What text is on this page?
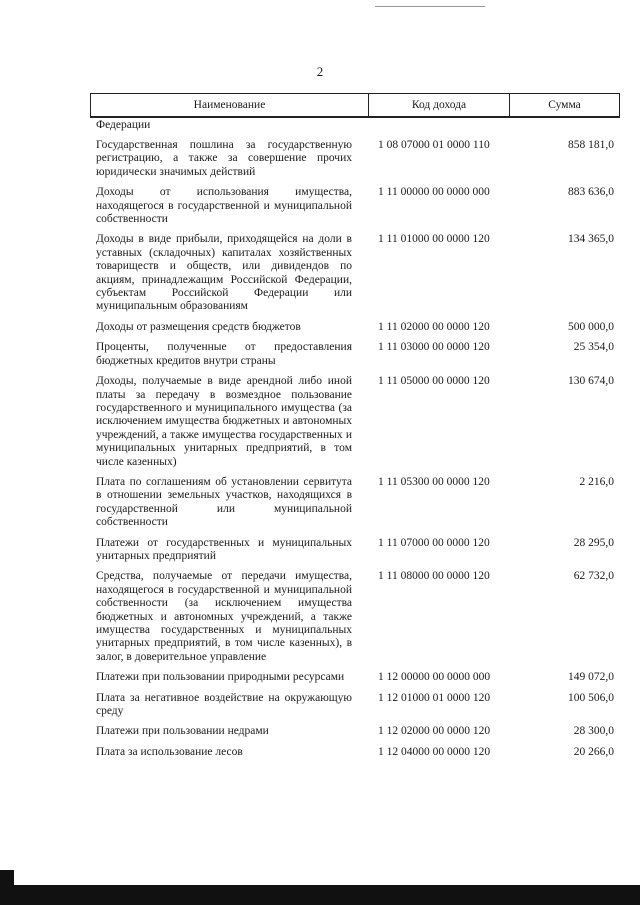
2
Наименование	Код дохода	Сумма
Федерации
Государственная пошлина за государственную регистрацию, а также за совершение прочих юридически значимых действий
1 08 07000 01 0000 110	858 181,0
Доходы от использования имущества, находящегося в государственной и муниципальной собственности
1 11 00000 00 0000 000	883 636,0
Доходы в виде прибыли, приходящейся на доли в уставных (складочных) капиталах хозяйственных товариществ и обществ, или дивидендов по акциям, принадлежащим Российской Федерации, субъектам Российской Федерации или муниципальным образованиям
1 11 01000 00 0000 120	134 365,0
Доходы от размещения средств бюджетов	1 11 02000 00 0000 120	500 000,0
Проценты, полученные от предоставления бюджетных кредитов внутри страны
1 11 03000 00 0000 120	25 354,0
Доходы, получаемые в виде арендной либо иной платы за передачу в возмездное пользование государственного и муниципального имущества (за исключением имущества бюджетных и автономных учреждений, а также имущества государственных и муниципальных унитарных предприятий, в том числе казенных)
1 11 05000 00 0000 120	130 674,0
Плата по соглашениям об установлении сервитута в отношении земельных участков, находящихся в государственной или муниципальной собственности
1 11 05300 00 0000 120	2 216,0
Платежи от государственных и муниципальных унитарных предприятий
1 11 07000 00 0000 120	28 295,0
Средства, получаемые от передачи имущества, находящегося в государственной и муниципальной собственности (за исключением имущества бюджетных и автономных учреждений, а также имущества государственных и муниципальных унитарных предприятий, в том числе казенных), в залог, в доверительное управление
1 11 08000 00 0000 120	62 732,0
Платежи при пользовании природными ресурсами	1 12 00000 00 0000 000	149 072,0
Плата за негативное воздействие на окружающую среду
1 12 01000 01 0000 120	100 506,0
Платежи при пользовании недрами	1 12 02000 00 0000 120	28 300,0
Плата за использование лесов	1 12 04000 00 0000 120	20 266,0
